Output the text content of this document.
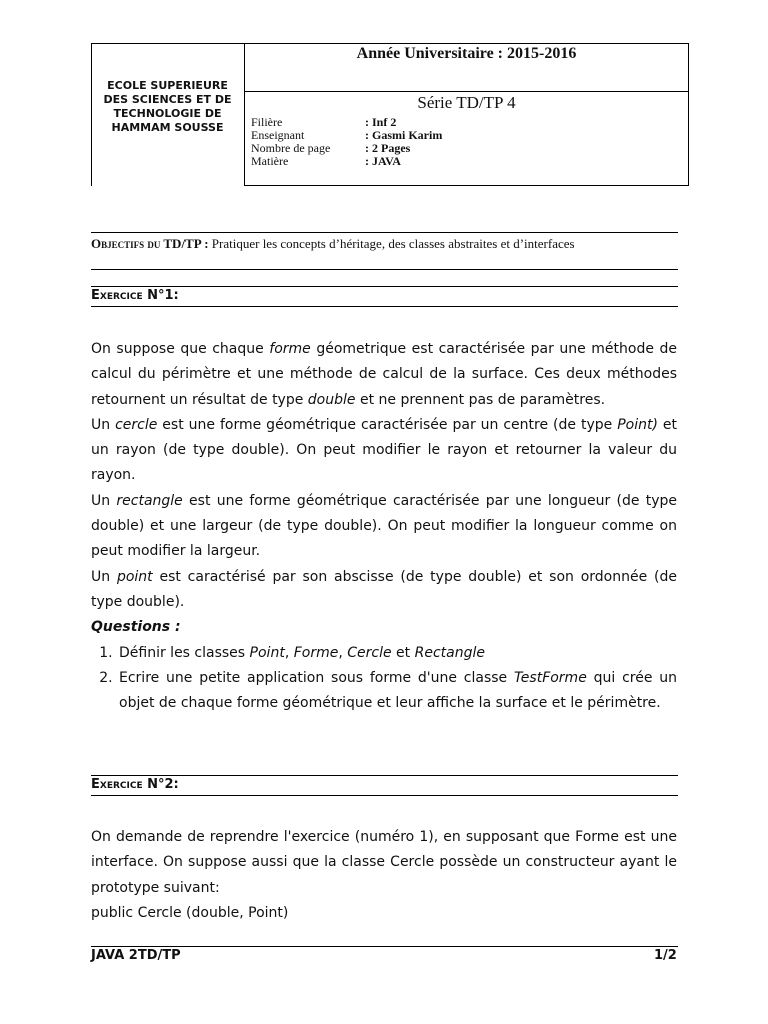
ECOLE SUPERIEURE
DES SCIENCES ET DE
TECHNOLOGIE DE
HAMMAM SOUSSE
Année Universitaire : 2015-2016
Série TD/TP 4
Filière	: Inf 2
Enseignant	: Gasmi Karim
Nombre de page	: 2 Pages
Matière	: JAVA
Objectifs du TD/TP : Pratiquer les concepts d’héritage, des classes abstraites et d’interfaces
Exercice N°1:

On suppose que chaque forme géometrique est caractérisée par une méthode de calcul du périmètre et une méthode de calcul de la surface. Ces deux méthodes retournent un résultat de type double et ne prennent pas de paramètres.

Un cercle est une forme géométrique caractérisée par un centre (de type Point) et un rayon (de type double). On peut modifier le rayon et retourner la valeur du rayon.

Un rectangle est une forme géométrique caractérisée par une longueur (de type double) et une largeur (de type double). On peut modifier la longueur comme on peut modifier la largeur.

Un point est caractérisé par son abscisse (de type double) et son ordonnée (de type double).

Questions :

1. Définir les classes Point, Forme, Cercle et Rectangle
2. Ecrire une petite application sous forme d'une classe TestForme qui crée un objet de chaque forme géométrique et leur affiche la surface et le périmètre.
Exercice N°2:

On demande de reprendre l'exercice (numéro 1), en supposant que Forme est une interface. On suppose aussi que la classe Cercle possède un constructeur ayant le prototype suivant:

public Cercle (double, Point)

JAVA 2TD/TP	1/2
